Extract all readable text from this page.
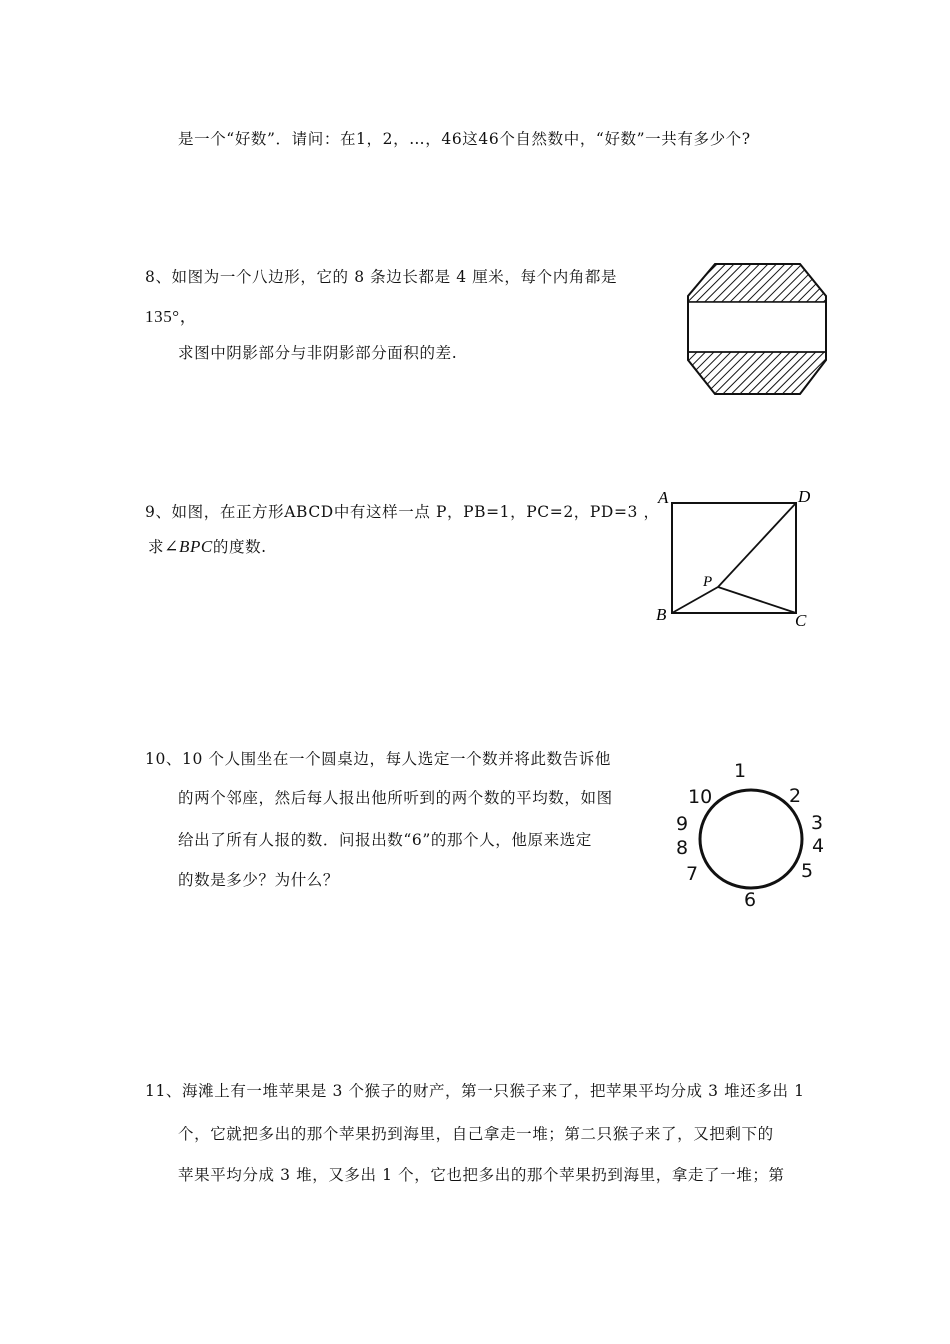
是一个“好数”．请问：在1，2，…，46这46个自然数中，“好数”一共有多少个?
8、如图为一个八边形，它的 8 条边长都是 4 厘米，每个内角都是
135°，
求图中阴影部分与非阴影部分面积的差.
9、如图，在正方形ABCD中有这样一点 P，PB=1，PC=2，PD=3 ，
求∠BPC的度数.
A	D
B	C
P
10、10 个人围坐在一个圆桌边，每人选定一个数并将此数告诉他
的两个邻座，然后每人报出他所听到的两个数的平均数，如图
给出了所有人报的数．问报出数“6”的那个人，他原来选定
的数是多少？为什么？
1
2
3
4
5
6
7
8
9
10
11、海滩上有一堆苹果是 3 个猴子的财产，第一只猴子来了，把苹果平均分成 3 堆还多出 1
个，它就把多出的那个苹果扔到海里，自己拿走一堆；第二只猴子来了，又把剩下的
苹果平均分成 3 堆，又多出 1 个，它也把多出的那个苹果扔到海里，拿走了一堆；第
